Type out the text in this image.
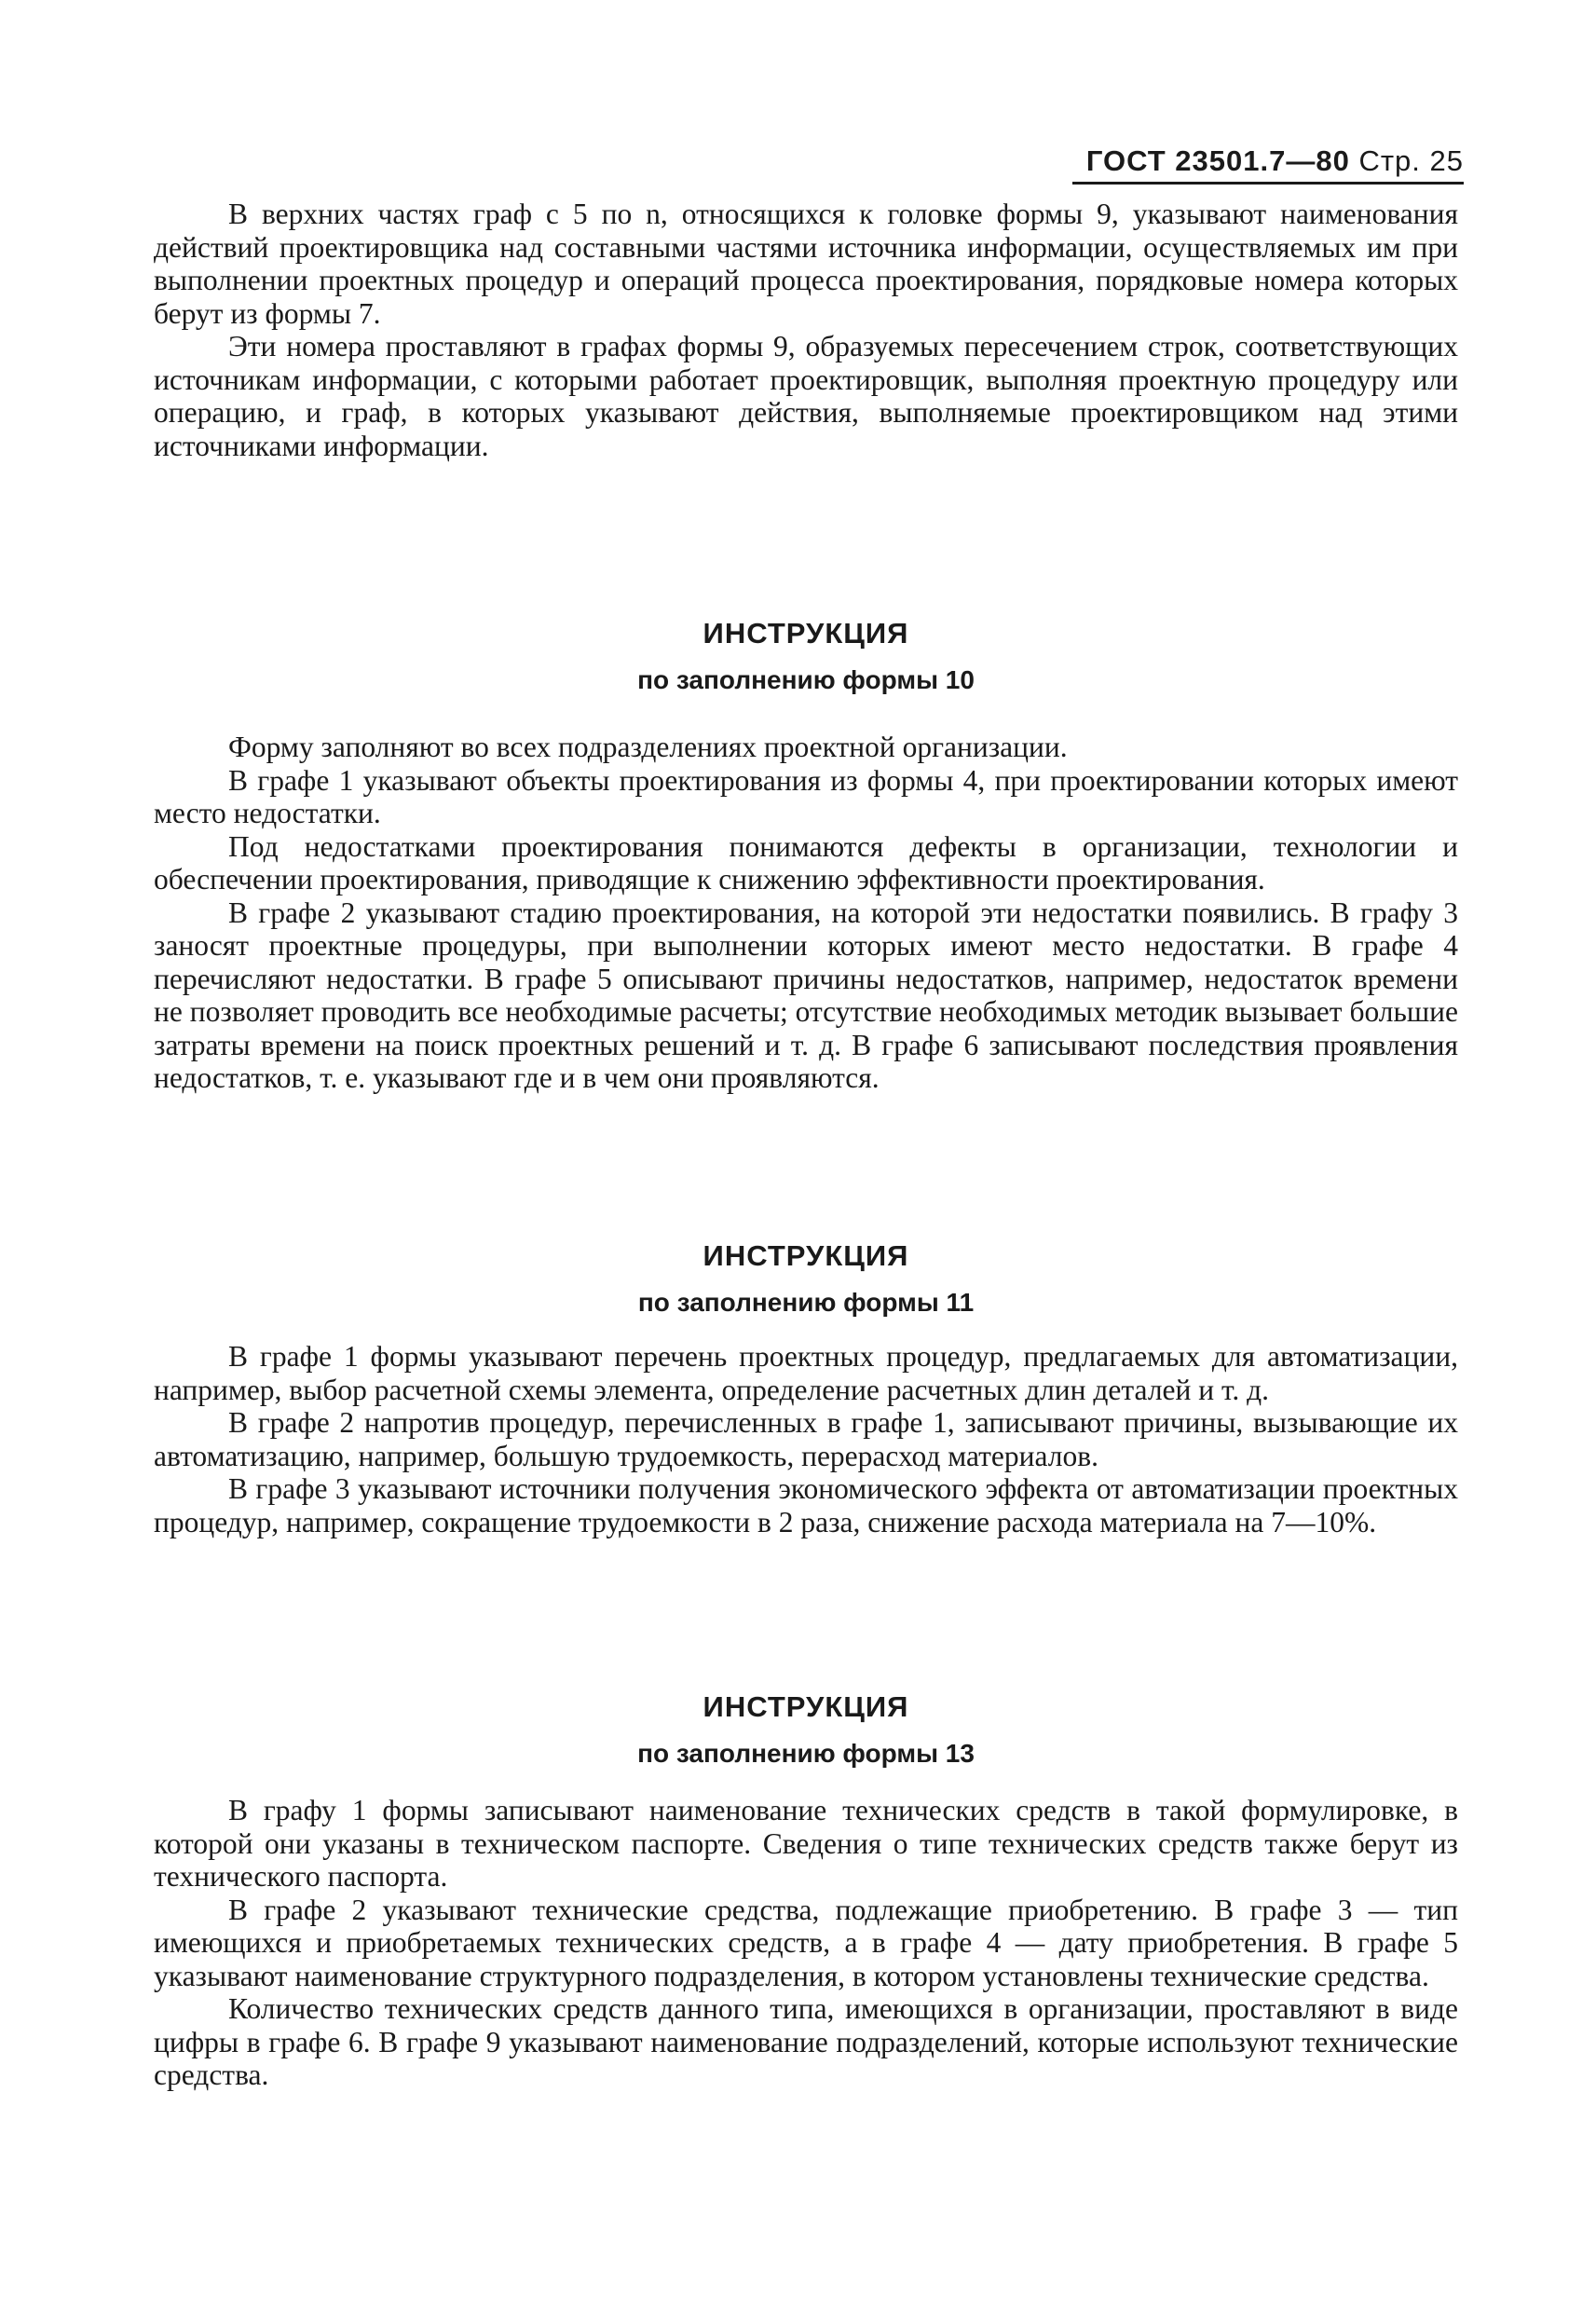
ГОСТ 23501.7—80 Стр. 25

В верхних частях граф с 5 по n, относящихся к головке формы 9, указывают наименования действий проектировщика над составными частями источника информации, осуществляемых им при выполнении проектных процедур и операций процесса проектирования, порядковые номера которых берут из формы 7.

Эти номера проставляют в графах формы 9, образуемых пересечением строк, соответствующих источникам информации, с которыми работает проектировщик, выполняя проектную процедуру или операцию, и граф, в которых указывают действия, выполняемые проектировщиком над этими источниками информации.

ИНСТРУКЦИЯ
по заполнению формы 10

Форму заполняют во всех подразделениях проектной организации.

В графе 1 указывают объекты проектирования из формы 4, при проектировании которых имеют место недостатки.

Под недостатками проектирования понимаются дефекты в организации, технологии и обеспечении проектирования, приводящие к снижению эффективности проектирования.

В графе 2 указывают стадию проектирования, на которой эти недостатки появились. В графу 3 заносят проектные процедуры, при выполнении которых имеют место недостатки. В графе 4 перечисляют недостатки. В графе 5 описывают причины недостатков, например, недостаток времени не позволяет проводить все необходимые расчеты; отсутствие необходимых методик вызывает большие затраты времени на поиск проектных решений и т. д. В графе 6 записывают последствия проявления недостатков, т. е. указывают где и в чем они проявляются.

ИНСТРУКЦИЯ
по заполнению формы 11

В графе 1 формы указывают перечень проектных процедур, предлагаемых для автоматизации, например, выбор расчетной схемы элемента, определение расчетных длин деталей и т. д.

В графе 2 напротив процедур, перечисленных в графе 1, записывают причины, вызывающие их автоматизацию, например, большую трудоемкость, перерасход материалов.

В графе 3 указывают источники получения экономического эффекта от автоматизации проектных процедур, например, сокращение трудоемкости в 2 раза, снижение расхода материала на 7—10%.

ИНСТРУКЦИЯ
по заполнению формы 13

В графу 1 формы записывают наименование технических средств в такой формулировке, в которой они указаны в техническом паспорте. Сведения о типе технических средств также берут из технического паспорта.

В графе 2 указывают технические средства, подлежащие приобретению. В графе 3 — тип имеющихся и приобретаемых технических средств, а в графе 4 — дату приобретения. В графе 5 указывают наименование структурного подразделения, в котором установлены технические средства.

Количество технических средств данного типа, имеющихся в организации, проставляют в виде цифры в графе 6. В графе 9 указывают наименование подразделений, которые используют технические средства.
